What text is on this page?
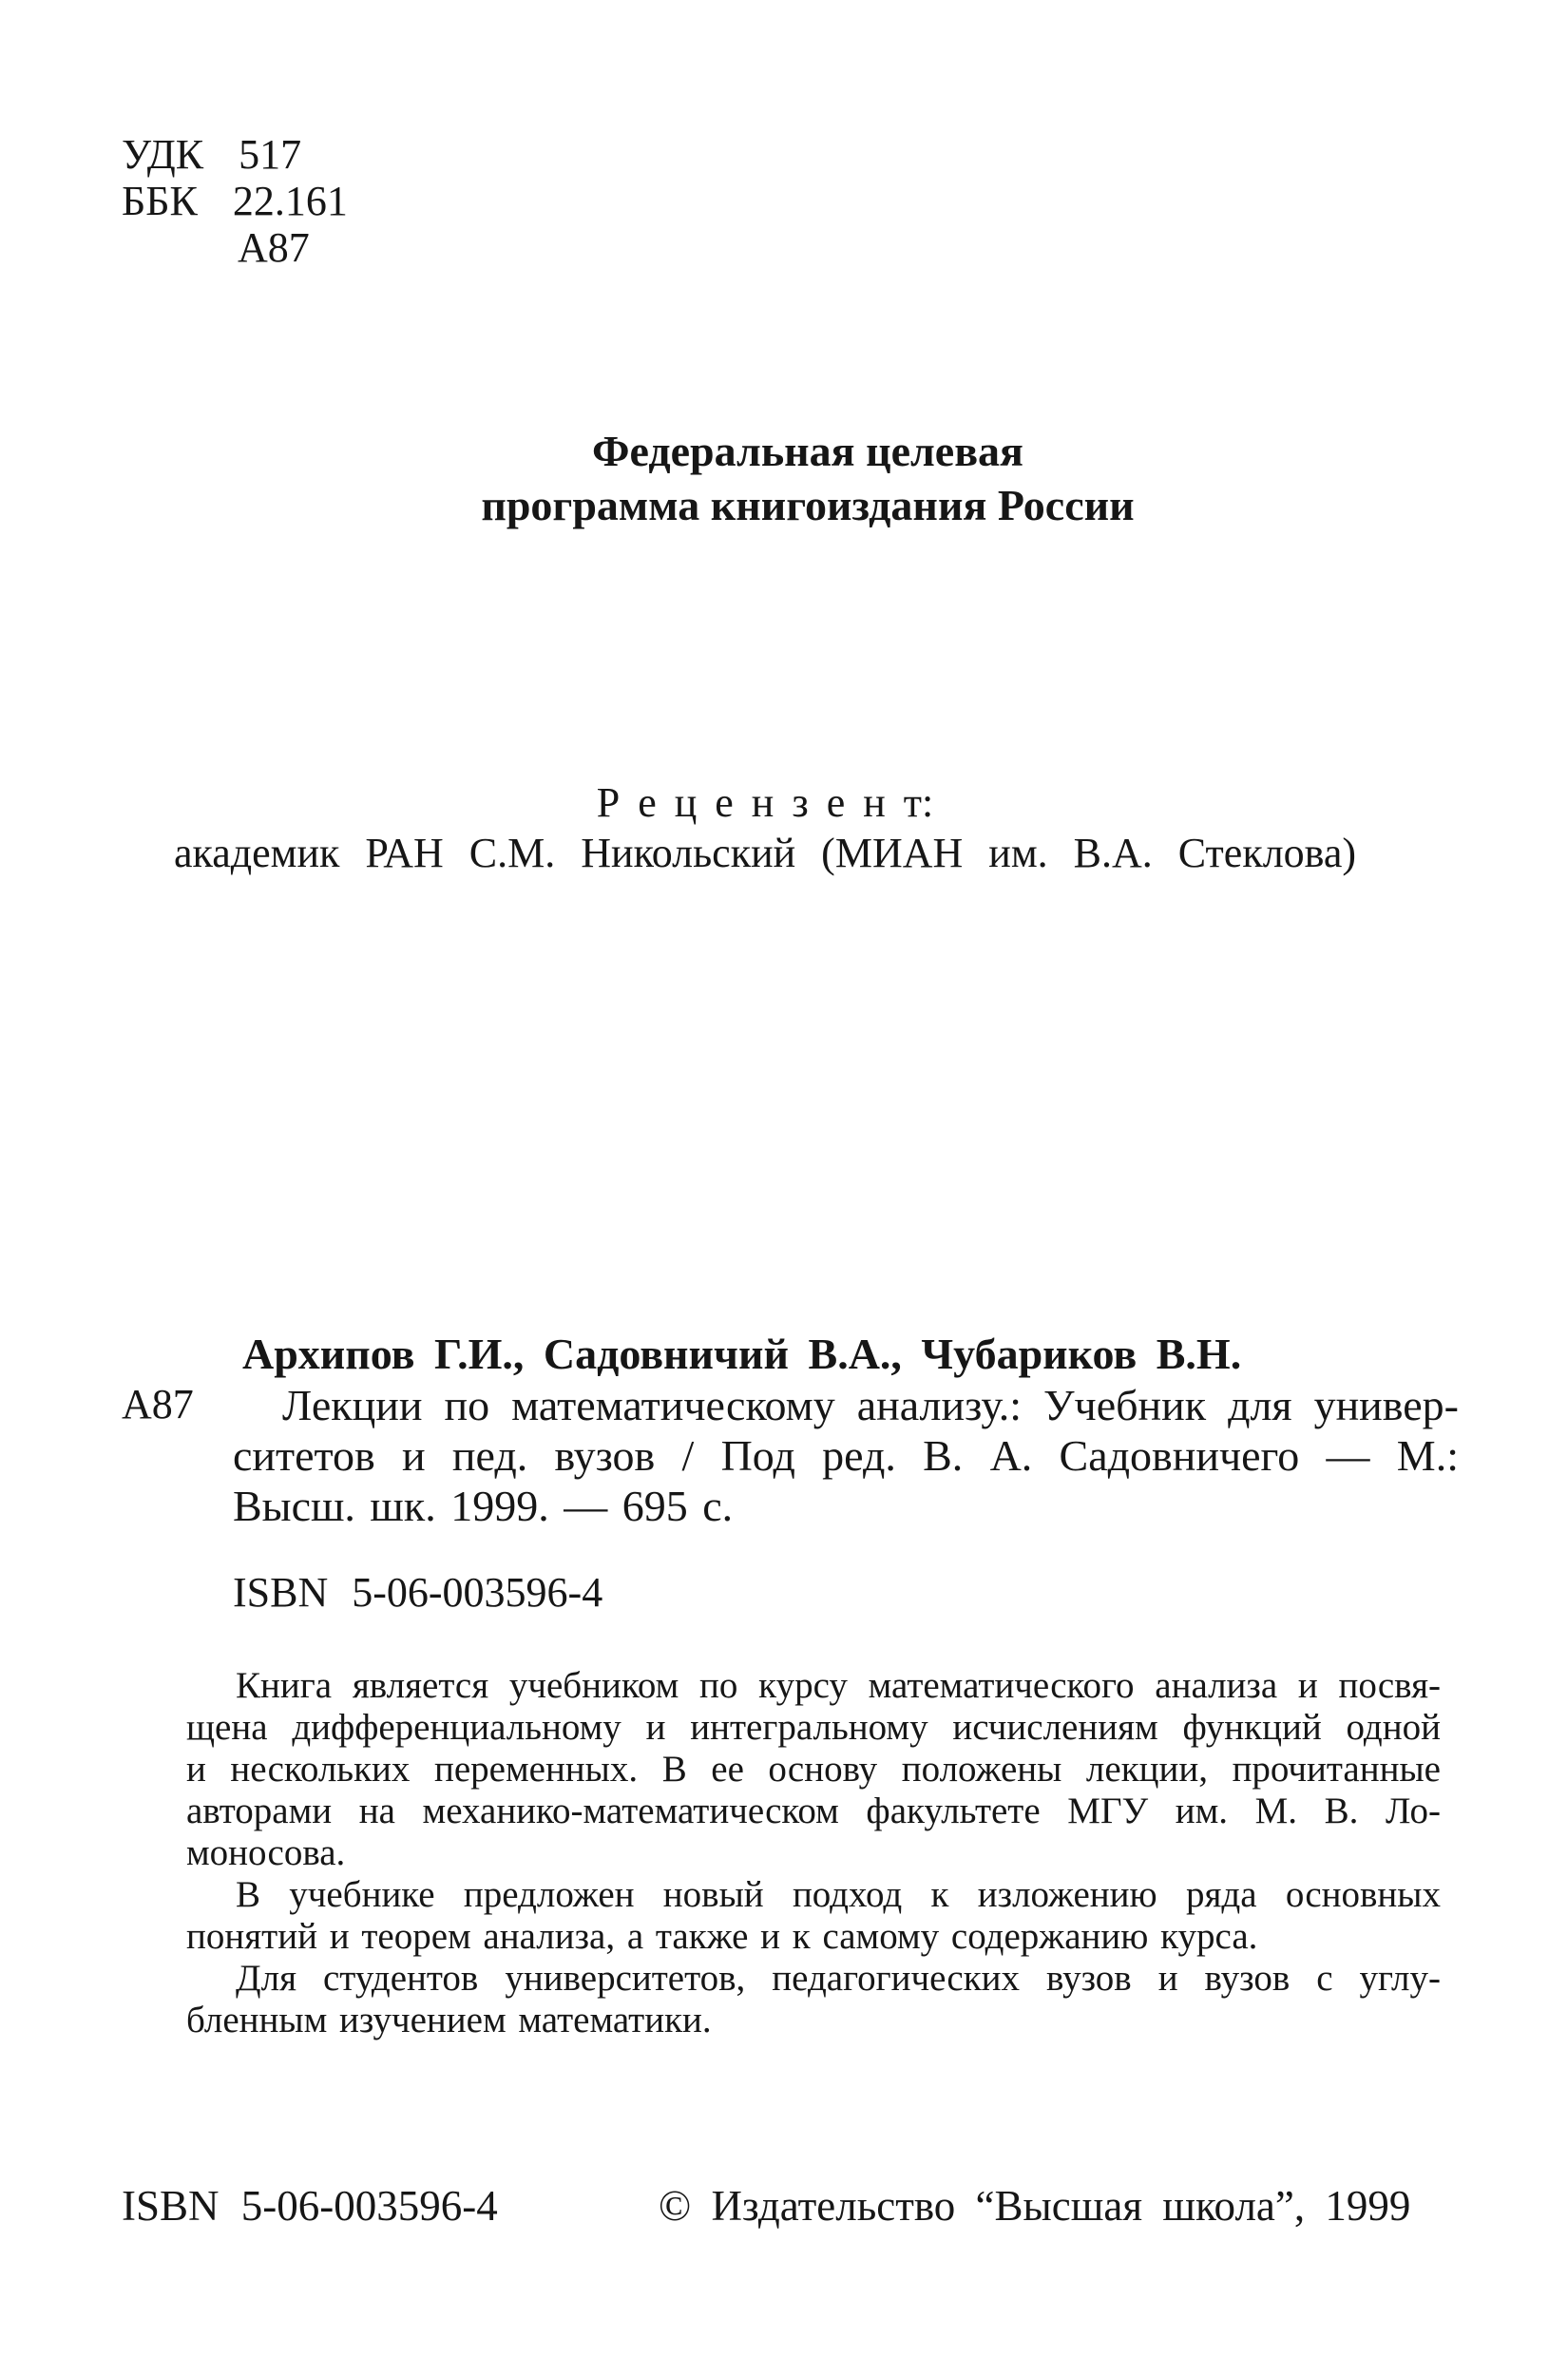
УДК 517
ББК 22.161
А87
Федеральная целевая
программа книгоиздания России
Р е ц е н з е н т:
академик РАН С.М. Никольский (МИАН им. В.А. Стеклова)
Архипов Г.И., Садовничий В.А., Чубариков В.Н.
А87	Лекции по математическому анализу.: Учебник для универ-
ситетов и пед. вузов / Под ред. В. А. Садовничего — М.:
Высш. шк. 1999. — 695 с.
ISBN 5-06-003596-4
Книга является учебником по курсу математического анализа и посвя-
щена дифференциальному и интегральному исчислениям функций одной
и нескольких переменных. В ее основу положены лекции, прочитанные
авторами на механико-математическом факультете МГУ им. М. В. Ло-
моносова.
В учебнике предложен новый подход к изложению ряда основных
понятий и теорем анализа, а также и к самому содержанию курса.
Для студентов университетов, педагогических вузов и вузов с углу-
бленным изучением математики.
ISBN 5-06-003596-4	© Издательство “Высшая школа”, 1999
